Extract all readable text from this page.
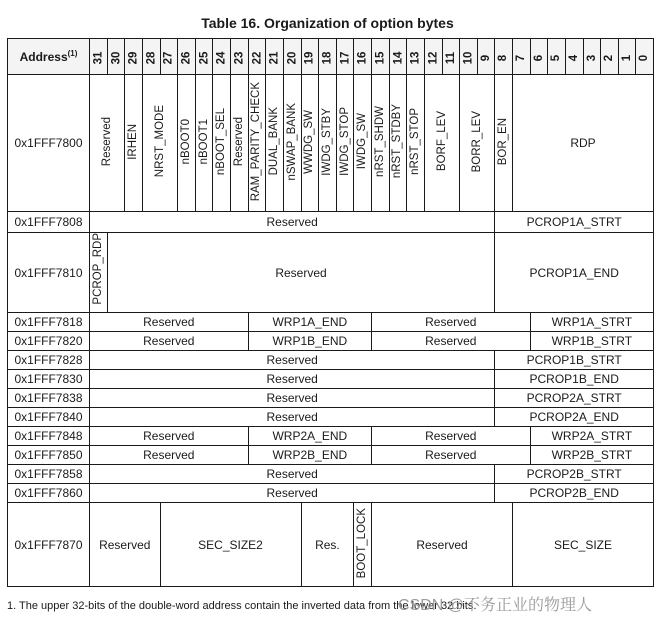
Table 16. Organization of option bytes
Address$^{(1)}$	31	30	29	28	27	26	25	24	23	22	21	20	19	18	17	16	15	14	13	12	11	10	9	8	7	6	5	4	3	2	1	0
0x1FFF7800	Reserved		IRHEN	NRST_MODE		nBOOT0	nBOOT1	nBOOT_SEL	Reserved	RAM_PARITY_CHECK	DUAL_BANK	nSWAP_BANK	WWDG_SW	IWDG_STBY	IWDG_STOP	IWDG_SW	nRST_SHDW	nRST_STDBY	nRST_STOP	BORF_LEV		BORR_LEV		BOR_EN	RDP							
0x1FFF7808	Reserved																							PCROP1A_STRT								
0x1FFF7810	PCROP_RDP	Reserved																						PCROP1A_END								
0x1FFF7818	Reserved									WRP1A_END							Reserved									WRP1A_STRT						
0x1FFF7820	Reserved									WRP1B_END							Reserved									WRP1B_STRT						
0x1FFF7828	Reserved																							PCROP1B_STRT								
0x1FFF7830	Reserved																							PCROP1B_END								
0x1FFF7838	Reserved																							PCROP2A_STRT								
0x1FFF7840	Reserved																							PCROP2A_END								
0x1FFF7848	Reserved									WRP2A_END							Reserved									WRP2A_STRT						
0x1FFF7850	Reserved									WRP2B_END							Reserved									WRP2B_STRT						
0x1FFF7858	Reserved																							PCROP2B_STRT								
0x1FFF7860	Reserved																							PCROP2B_END								
0x1FFF7870	Reserved				SEC_SIZE2								Res.			BOOT_LOCK	Reserved								SEC_SIZE							
1. The upper 32-bits of the double-word address contain the inverted data from the lower 32 bits.
CSDN @不务正业的物理人
